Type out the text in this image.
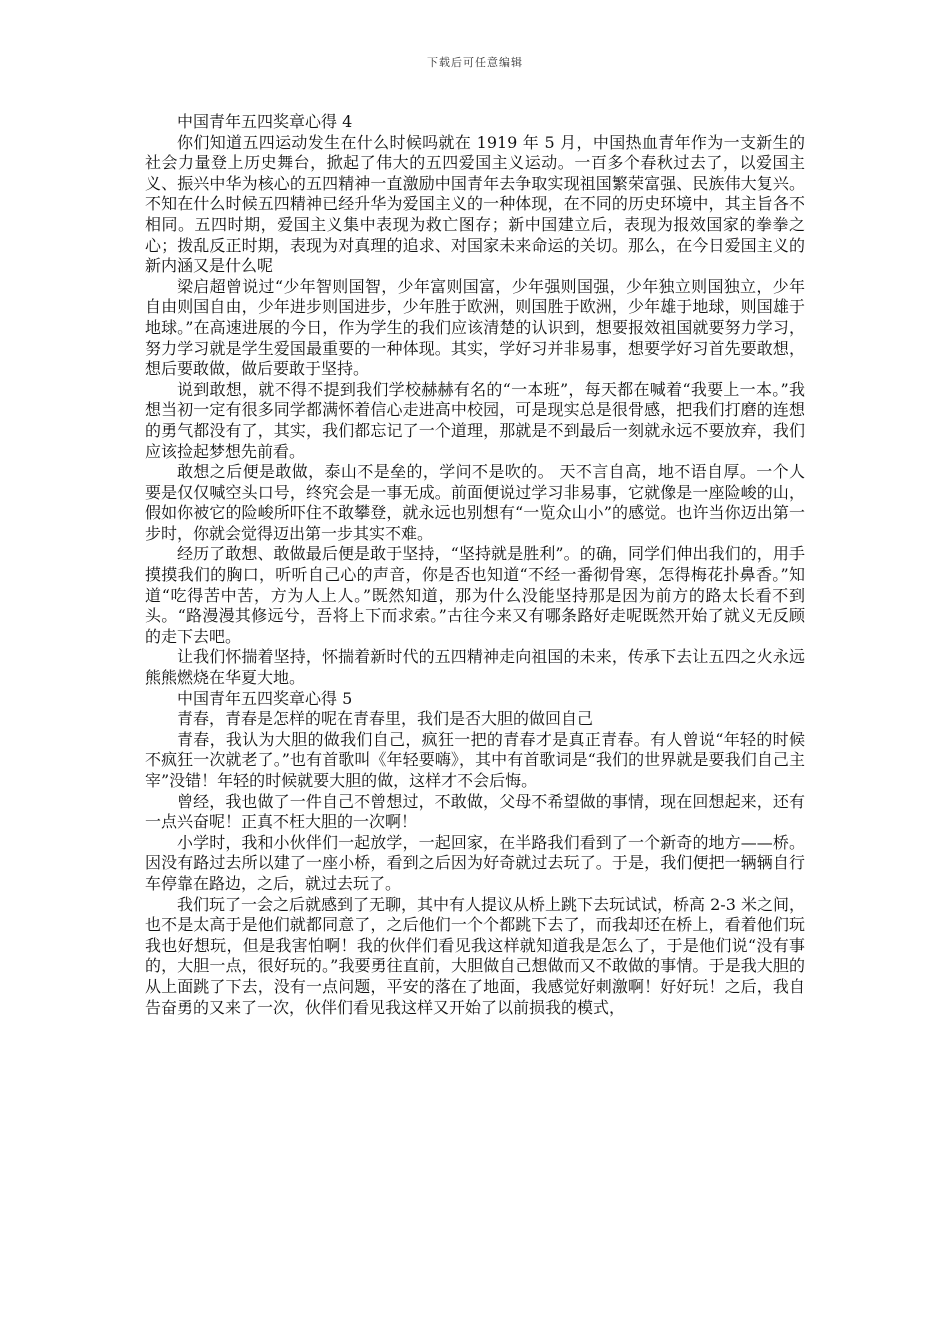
下载后可任意编辑

中国青年五四奖章心得 4

你们知道五四运动发生在什么时候吗就在 1919 年 5 月，中国热血青年作为一支新生的社会力量登上历史舞台，掀起了伟大的五四爱国主义运动。一百多个春秋过去了，以爱国主义、振兴中华为核心的五四精神一直激励中国青年去争取实现祖国繁荣富强、民族伟大复兴。不知在什么时候五四精神已经升华为爱国主义的一种体现，在不同的历史环境中，其主旨各不相同。五四时期，爱国主义集中表现为救亡图存；新中国建立后，表现为报效国家的拳拳之心；拨乱反正时期，表现为对真理的追求、对国家未来命运的关切。那么，在今日爱国主义的新内涵又是什么呢

梁启超曾说过“少年智则国智，少年富则国富，少年强则国强，少年独立则国独立，少年自由则国自由，少年进步则国进步，少年胜于欧洲，则国胜于欧洲，少年雄于地球，则国雄于地球。”在高速进展的今日，作为学生的我们应该清楚的认识到，想要报效祖国就要努力学习，努力学习就是学生爱国最重要的一种体现。其实，学好习并非易事，想要学好习首先要敢想，想后要敢做，做后要敢于坚持。

说到敢想，就不得不提到我们学校赫赫有名的“一本班”，每天都在喊着“我要上一本。”我想当初一定有很多同学都满怀着信心走进高中校园，可是现实总是很骨感，把我们打磨的连想的勇气都没有了，其实，我们都忘记了一个道理，那就是不到最后一刻就永远不要放弃，我们应该捡起梦想先前看。

敢想之后便是敢做，泰山不是垒的，学问不是吹的。 天不言自高，地不语自厚。一个人要是仅仅喊空头口号，终究会是一事无成。前面便说过学习非易事，它就像是一座险峻的山，假如你被它的险峻所吓住不敢攀登，就永远也别想有“一览众山小”的感觉。也许当你迈出第一步时，你就会觉得迈出第一步其实不难。

经历了敢想、敢做最后便是敢于坚持，“坚持就是胜利”。的确，同学们伸出我们的，用手摸摸我们的胸口，听听自己心的声音，你是否也知道“不经一番彻骨寒，怎得梅花扑鼻香。”知道“吃得苦中苦，方为人上人。”既然知道，那为什么没能坚持那是因为前方的路太长看不到头。“路漫漫其修远兮，吾将上下而求索。”古往今来又有哪条路好走呢既然开始了就义无反顾的走下去吧。

让我们怀揣着坚持，怀揣着新时代的五四精神走向祖国的未来，传承下去让五四之火永远熊熊燃烧在华夏大地。

中国青年五四奖章心得 5

青春，青春是怎样的呢在青春里，我们是否大胆的做回自己

青春，我认为大胆的做我们自己，疯狂一把的青春才是真正青春。有人曾说“年轻的时候不疯狂一次就老了。”也有首歌叫《年轻要嗨》，其中有首歌词是“我们的世界就是要我们自己主宰”没错！年轻的时候就要大胆的做，这样才不会后悔。

曾经，我也做了一件自己不曾想过，不敢做，父母不希望做的事情，现在回想起来，还有一点兴奋呢！正真不枉大胆的一次啊！

小学时，我和小伙伴们一起放学，一起回家，在半路我们看到了一个新奇的地方——桥。因没有路过去所以建了一座小桥，看到之后因为好奇就过去玩了。于是，我们便把一辆辆自行车停靠在路边，之后，就过去玩了。

我们玩了一会之后就感到了无聊，其中有人提议从桥上跳下去玩试试，桥高 2-3 米之间，也不是太高于是他们就都同意了，之后他们一个个都跳下去了，而我却还在桥上，看着他们玩我也好想玩，但是我害怕啊！我的伙伴们看见我这样就知道我是怎么了，于是他们说“没有事的，大胆一点，很好玩的。”我要勇往直前，大胆做自己想做而又不敢做的事情。于是我大胆的从上面跳了下去，没有一点问题，平安的落在了地面，我感觉好刺激啊！好好玩！之后，我自告奋勇的又来了一次，伙伴们看见我这样又开始了以前损我的模式，
